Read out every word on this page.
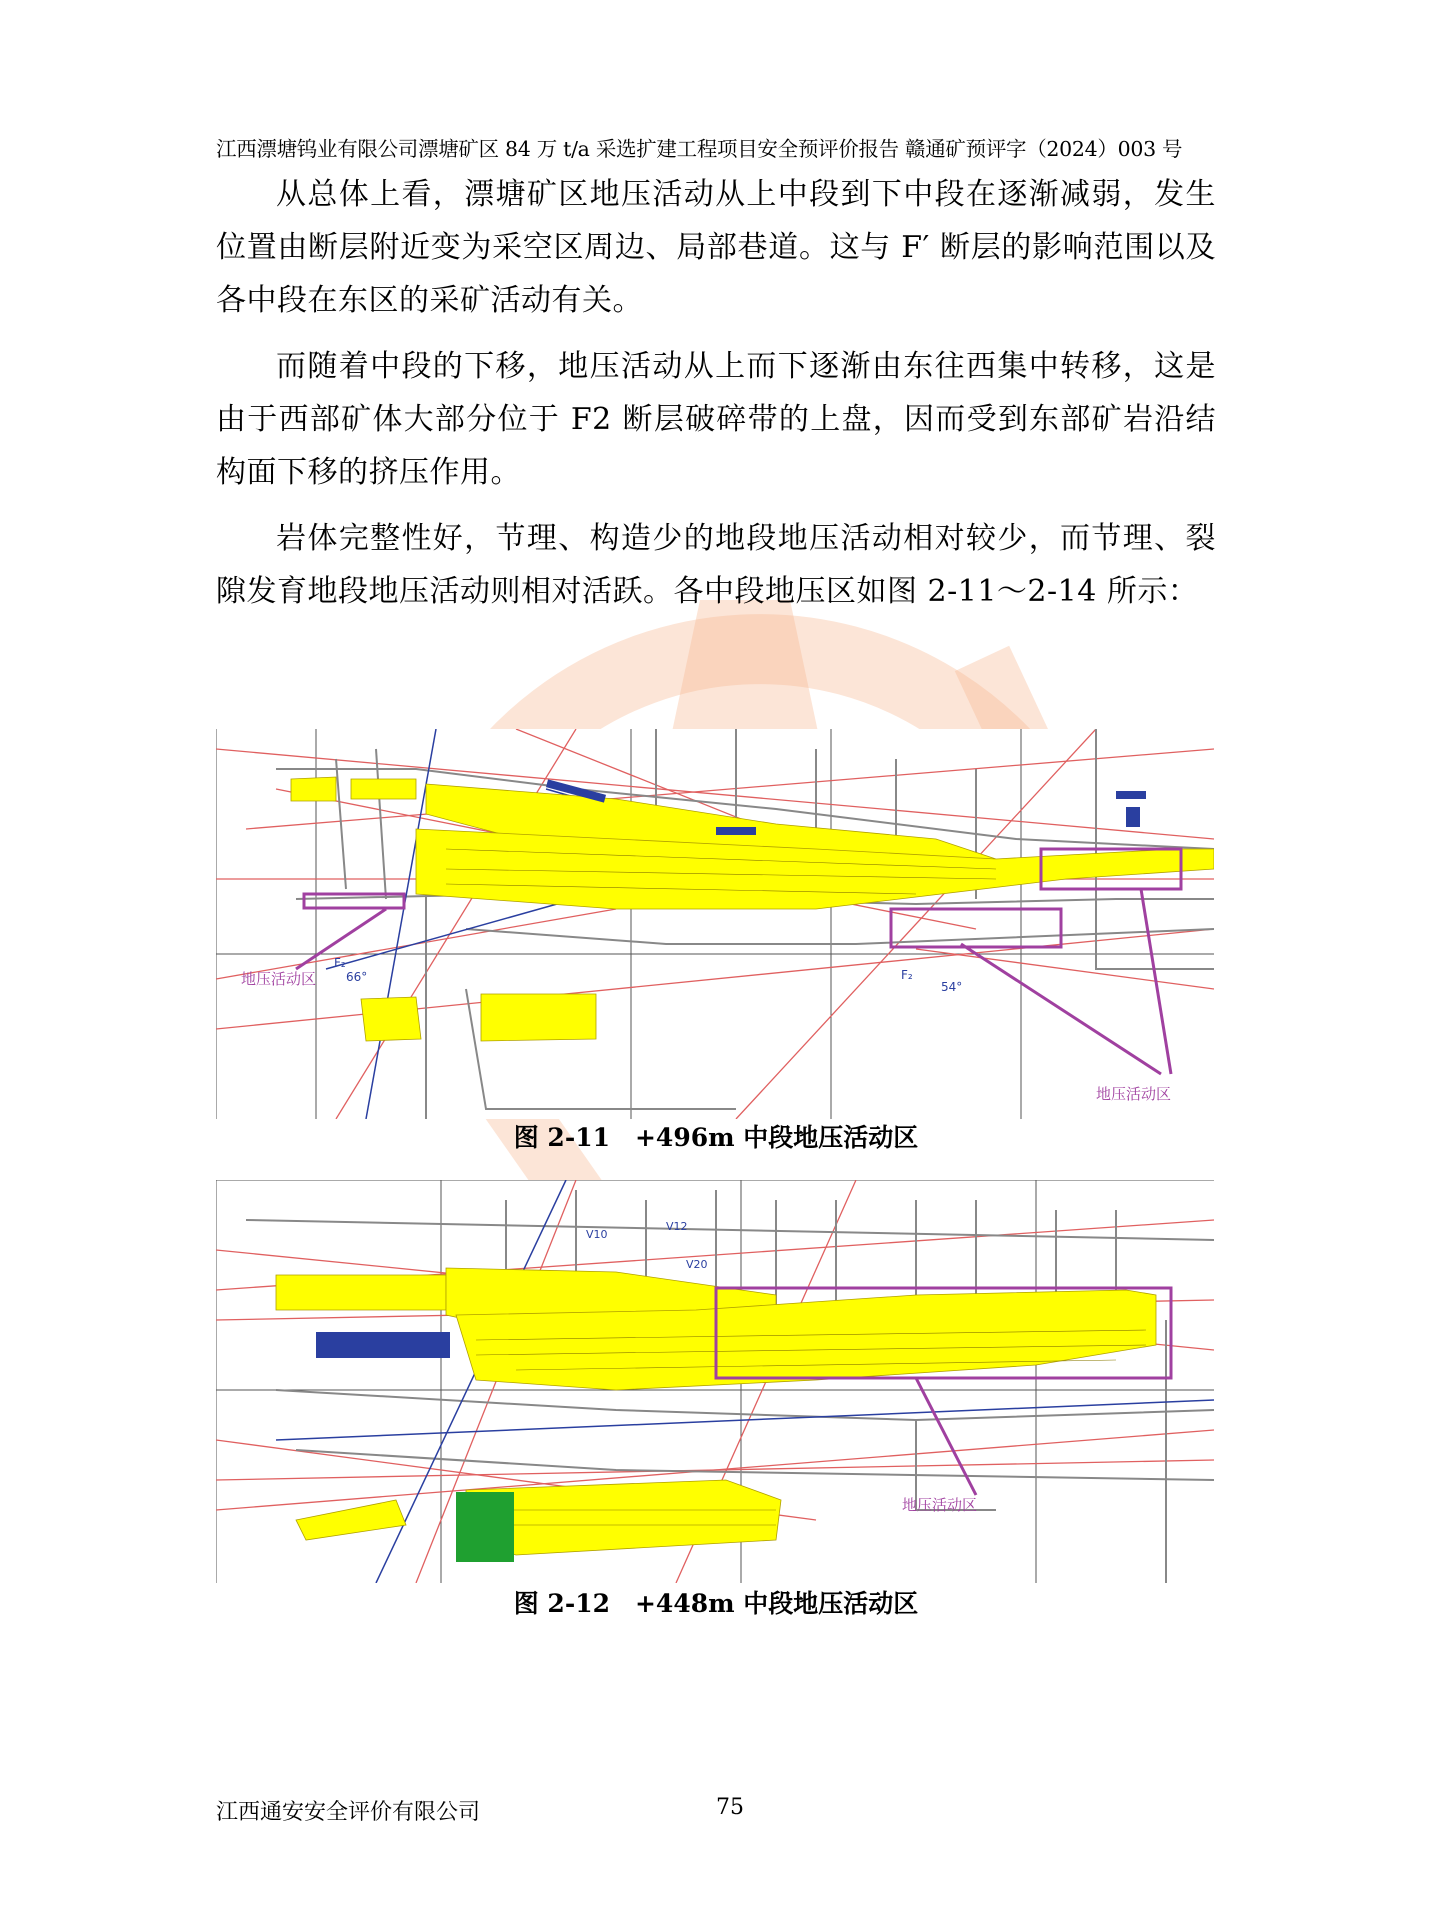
江西漂塘钨业有限公司漂塘矿区 84 万 t/a 采选扩建工程项目安全预评价报告 赣通矿预评字（2024）003 号

从总体上看，漂塘矿区地压活动从上中段到下中段在逐渐减弱，发生位置由断层附近变为采空区周边、局部巷道。这与 F′ 断层的影响范围以及各中段在东区的采矿活动有关。

而随着中段的下移，地压活动从上而下逐渐由东往西集中转移，这是由于西部矿体大部分位于 F2 断层破碎带的上盘，因而受到东部矿岩沿结构面下移的挤压作用。

岩体完整性好，节理、构造少的地段地压活动相对较少，而节理、裂隙发育地段地压活动则相对活跃。各中段地压区如图 2-11～2-14 所示：

地压活动区
地压活动区
F₂
66°	F₂
54°
图 2-11　+496m 中段地压活动区
地压活动区
V10
V12
V20
图 2-12　+448m 中段地压活动区
江西通安安全评价有限公司	75
